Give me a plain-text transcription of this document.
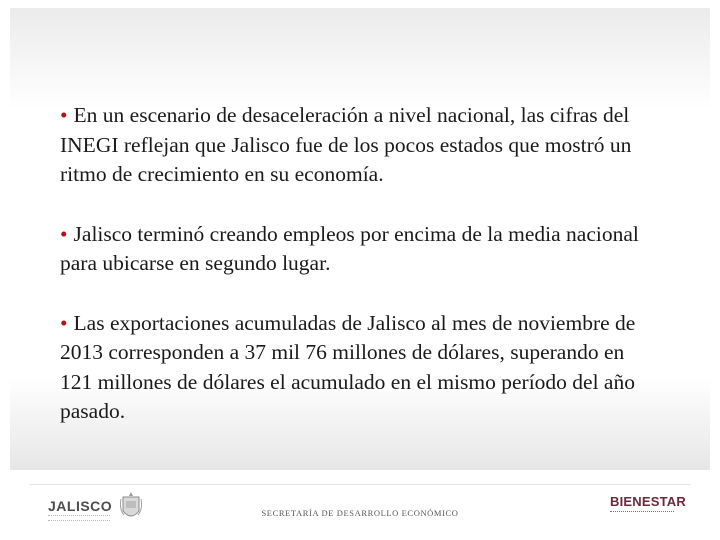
• En un escenario de desaceleración a nivel nacional, las cifras del INEGI reflejan que Jalisco fue de los pocos estados que mostró un ritmo de crecimiento en su economía.

• Jalisco terminó creando empleos por encima de la media nacional para ubicarse en segundo lugar.

• Las exportaciones acumuladas de Jalisco al mes de noviembre de 2013 corresponden a 37 mil 76 millones de dólares, superando en 121 millones de dólares el acumulado en el mismo período del año pasado.

JALISCO	SECRETARÍA DE DESARROLLO ECONÓMICO
BIENESTAR
